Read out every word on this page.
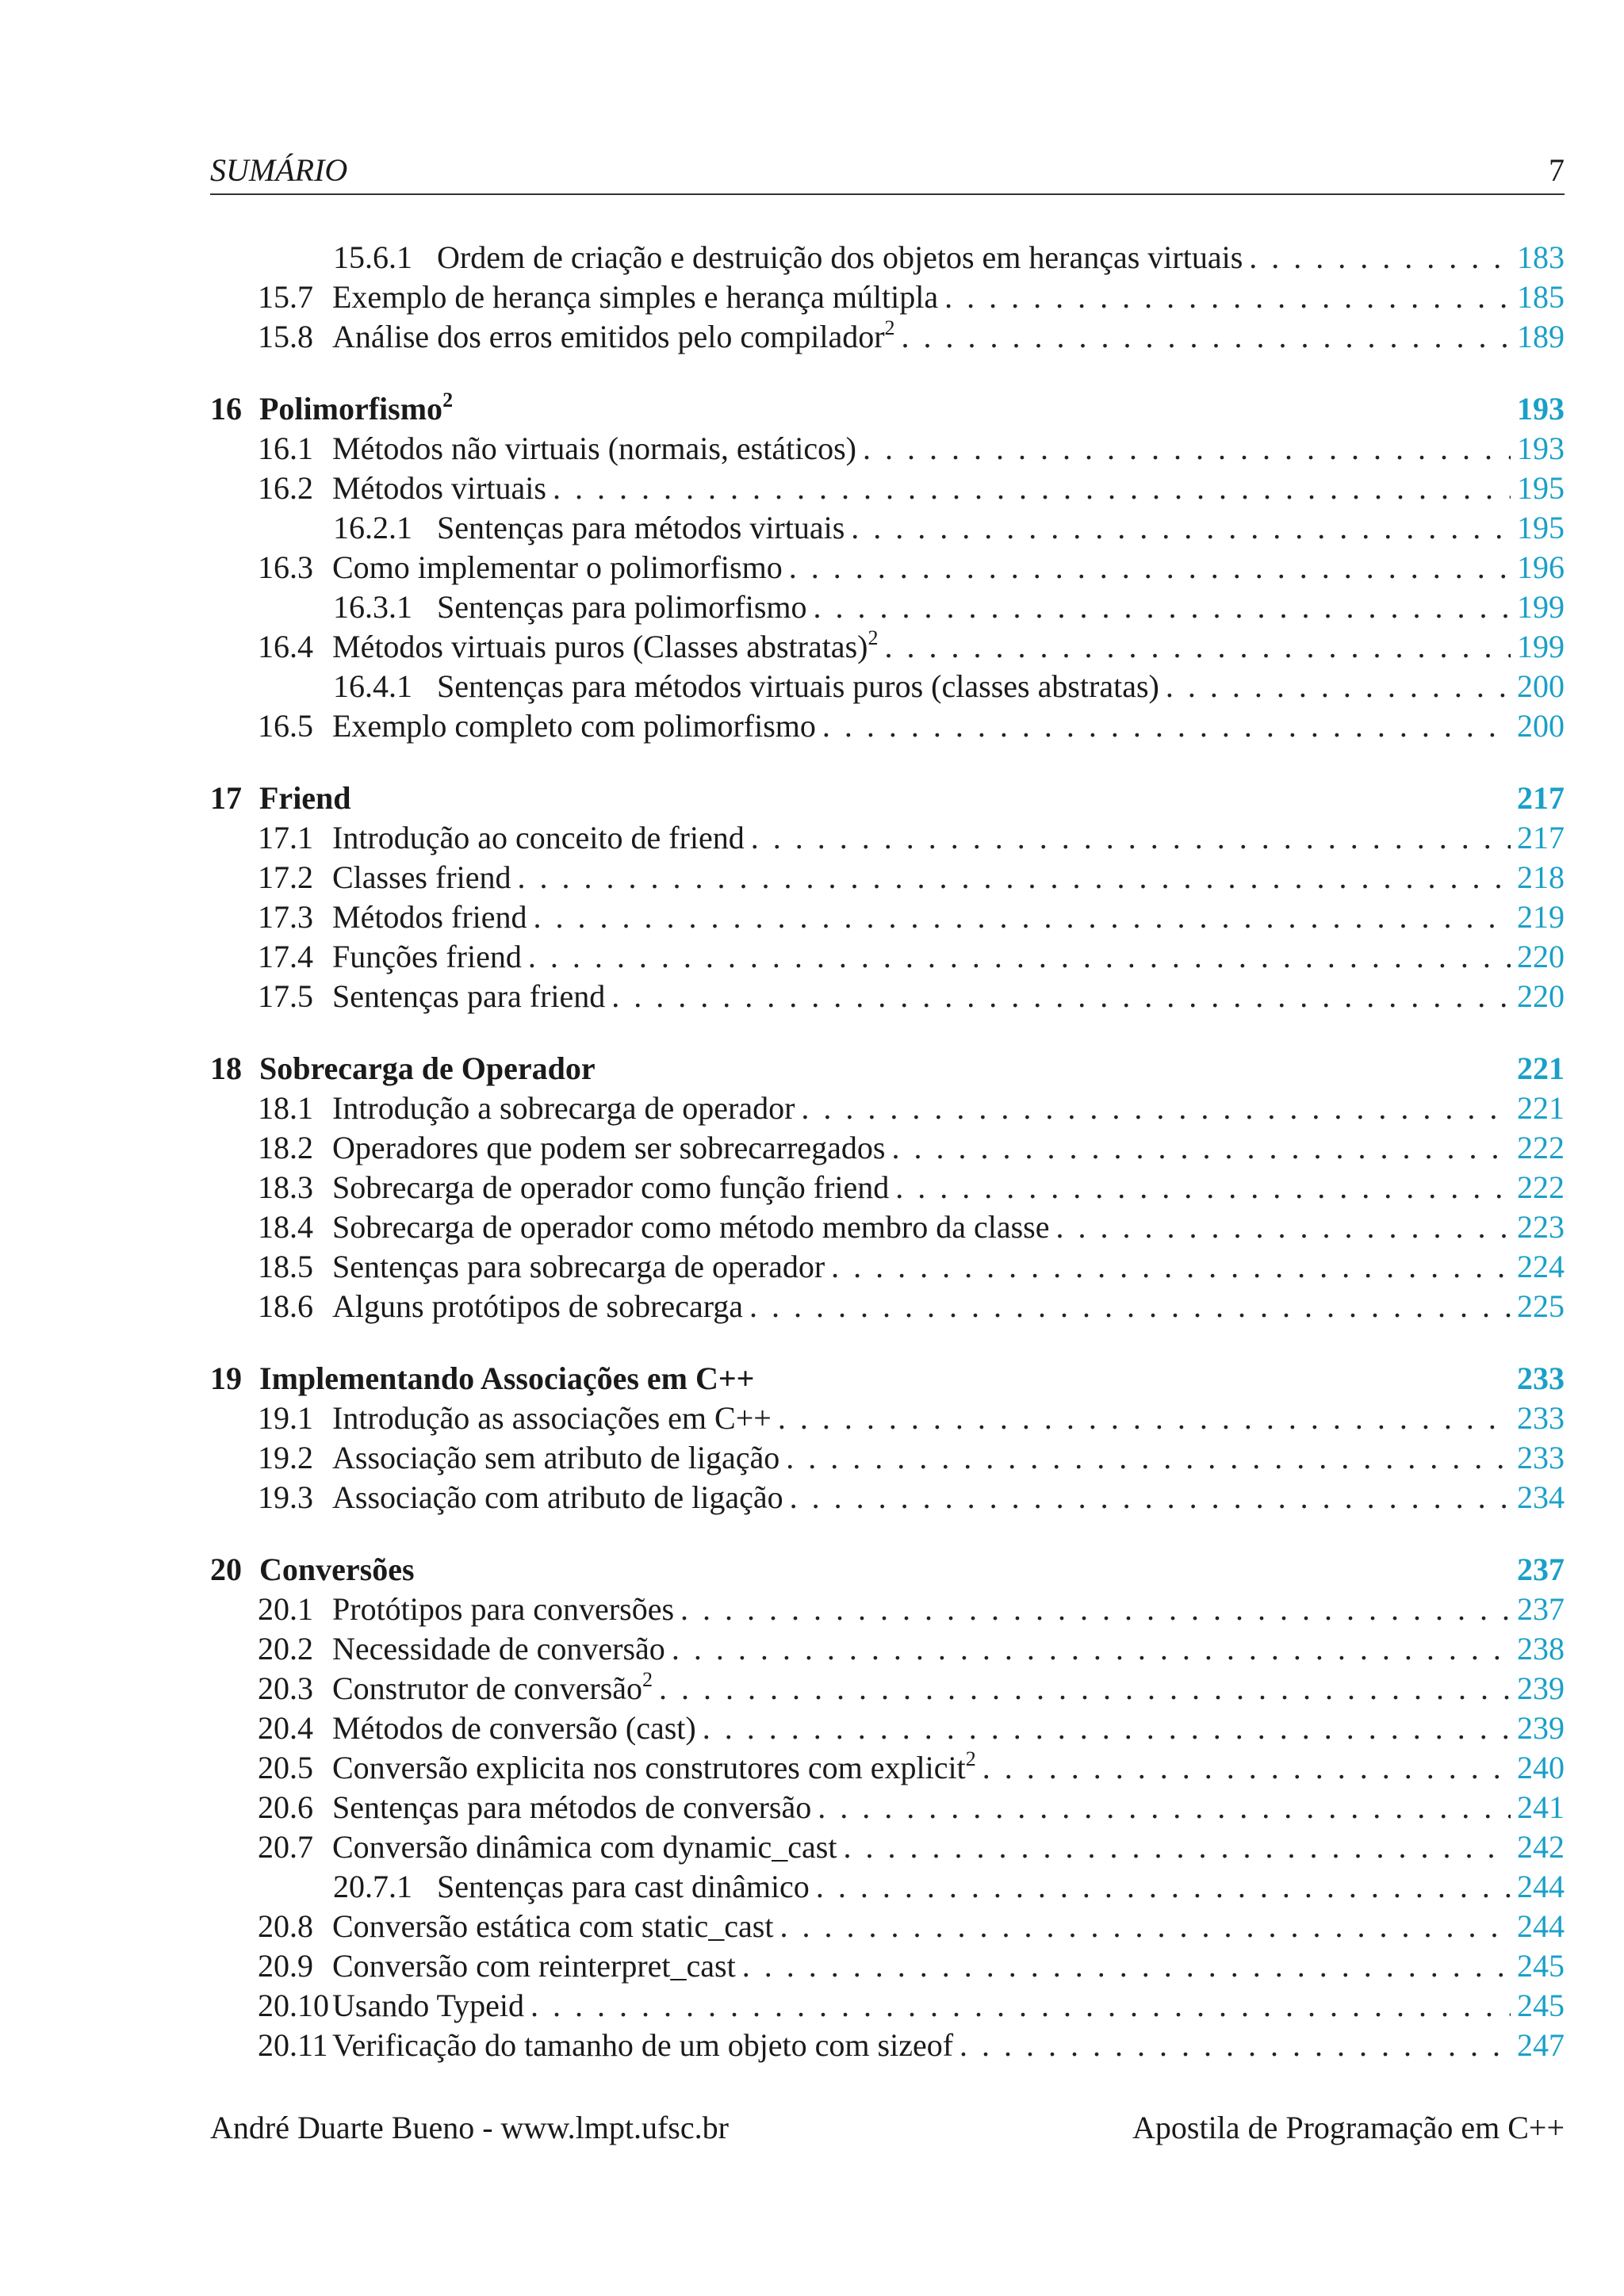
SUMÁRIO	7
15.6.1 Ordem de criação e destruição dos objetos em heranças virtuais . . .	183
15.7 Exemplo de herança simples e herança múltipla . . .	185
15.8 Análise dos erros emitidos pelo compilador$^2$ . . .	189
16 Polimorfismo$^2$	193
16.1 Métodos não virtuais (normais, estáticos) . . .	193
16.2 Métodos virtuais . . .	195
16.2.1 Sentenças para métodos virtuais . . .	195
16.3 Como implementar o polimorfismo . . .	196
16.3.1 Sentenças para polimorfismo . . .	199
16.4 Métodos virtuais puros (Classes abstratas)$^2$ . . .	199
16.4.1 Sentenças para métodos virtuais puros (classes abstratas) . . .	200
16.5 Exemplo completo com polimorfismo . . .	200
17 Friend	217
17.1 Introdução ao conceito de friend . . .	217
17.2 Classes friend . . .	218
17.3 Métodos friend . . .	219
17.4 Funções friend . . .	220
17.5 Sentenças para friend . . .	220
18 Sobrecarga de Operador	221
18.1 Introdução a sobrecarga de operador . . .	221
18.2 Operadores que podem ser sobrecarregados . . .	222
18.3 Sobrecarga de operador como função friend . . .	222
18.4 Sobrecarga de operador como método membro da classe . . .	223
18.5 Sentenças para sobrecarga de operador . . .	224
18.6 Alguns protótipos de sobrecarga . . .	225
19 Implementando Associações em C++	233
19.1 Introdução as associações em C++ . . .	233
19.2 Associação sem atributo de ligação . . .	233
19.3 Associação com atributo de ligação . . .	234
20 Conversões	237
20.1 Protótipos para conversões . . .	237
20.2 Necessidade de conversão . . .	238
20.3 Construtor de conversão$^2$ . . .	239
20.4 Métodos de conversão (cast) . . .	239
20.5 Conversão explicita nos construtores com explicit$^2$ . . .	240
20.6 Sentenças para métodos de conversão . . .	241
20.7 Conversão dinâmica com dynamic_cast . . .	242
20.7.1 Sentenças para cast dinâmico . . .	244
20.8 Conversão estática com static_cast . . .	244
20.9 Conversão com reinterpret_cast . . .	245
20.10 Usando Typeid . . .	245
20.11 Verificação do tamanho de um objeto com sizeof . . .	247
André Duarte Bueno - www.lmpt.ufsc.br	Apostila de Programação em C++
